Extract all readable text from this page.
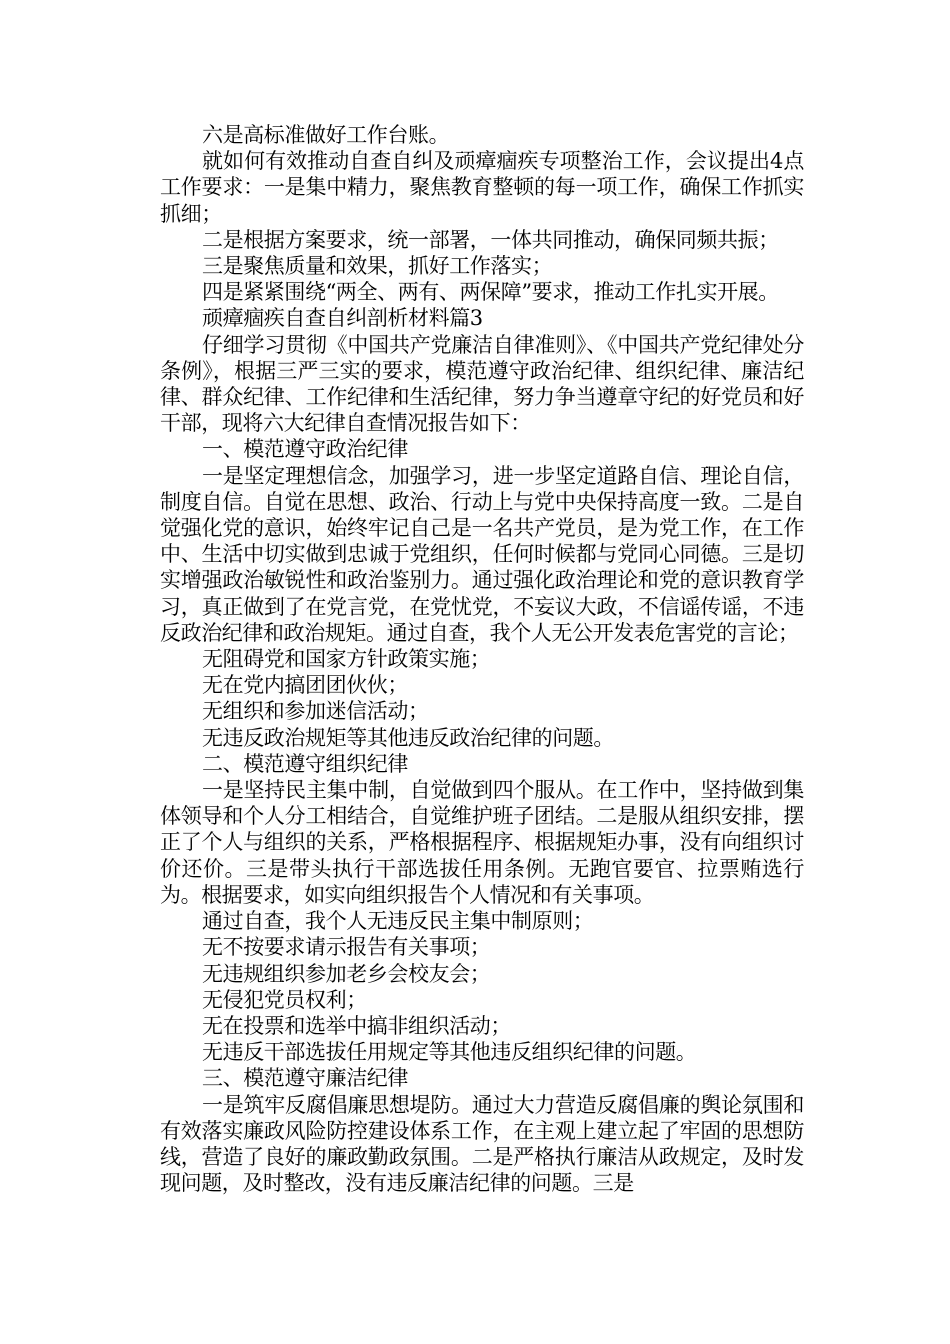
六是高标准做好工作台账。

就如何有效推动自查自纠及顽瘴痼疾专项整治工作，会议提出4点工作要求：一是集中精力，聚焦教育整顿的每一项工作，确保工作抓实抓细；

二是根据方案要求，统一部署，一体共同推动，确保同频共振；

三是聚焦质量和效果，抓好工作落实；

四是紧紧围绕“两全、两有、两保障”要求，推动工作扎实开展。

顽瘴痼疾自查自纠剖析材料篇3

仔细学习贯彻《中国共产党廉洁自律准则》、《中国共产党纪律处分条例》，根据三严三实的要求，模范遵守政治纪律、组织纪律、廉洁纪律、群众纪律、工作纪律和生活纪律，努力争当遵章守纪的好党员和好干部，现将六大纪律自查情况报告如下：

一、模范遵守政治纪律

一是坚定理想信念，加强学习，进一步坚定道路自信、理论自信，制度自信。自觉在思想、政治、行动上与党中央保持高度一致。二是自觉强化党的意识，始终牢记自己是一名共产党员，是为党工作，在工作中、生活中切实做到忠诚于党组织，任何时候都与党同心同德。三是切实增强政治敏锐性和政治鉴别力。通过强化政治理论和党的意识教育学习，真正做到了在党言党，在党忧党，不妄议大政，不信谣传谣，不违反政治纪律和政治规矩。通过自查，我个人无公开发表危害党的言论；

无阻碍党和国家方针政策实施；

无在党内搞团团伙伙；

无组织和参加迷信活动；

无违反政治规矩等其他违反政治纪律的问题。

二、模范遵守组织纪律

一是坚持民主集中制，自觉做到四个服从。在工作中，坚持做到集体领导和个人分工相结合，自觉维护班子团结。二是服从组织安排，摆正了个人与组织的关系，严格根据程序、根据规矩办事，没有向组织讨价还价。三是带头执行干部选拔任用条例。无跑官要官、拉票贿选行为。根据要求，如实向组织报告个人情况和有关事项。

通过自查，我个人无违反民主集中制原则；

无不按要求请示报告有关事项；

无违规组织参加老乡会校友会；

无侵犯党员权利；

无在投票和选举中搞非组织活动；

无违反干部选拔任用规定等其他违反组织纪律的问题。

三、模范遵守廉洁纪律

一是筑牢反腐倡廉思想堤防。通过大力营造反腐倡廉的舆论氛围和有效落实廉政风险防控建设体系工作，在主观上建立起了牢固的思想防线，营造了良好的廉政勤政氛围。二是严格执行廉洁从政规定，及时发现问题，及时整改，没有违反廉洁纪律的问题。三是
